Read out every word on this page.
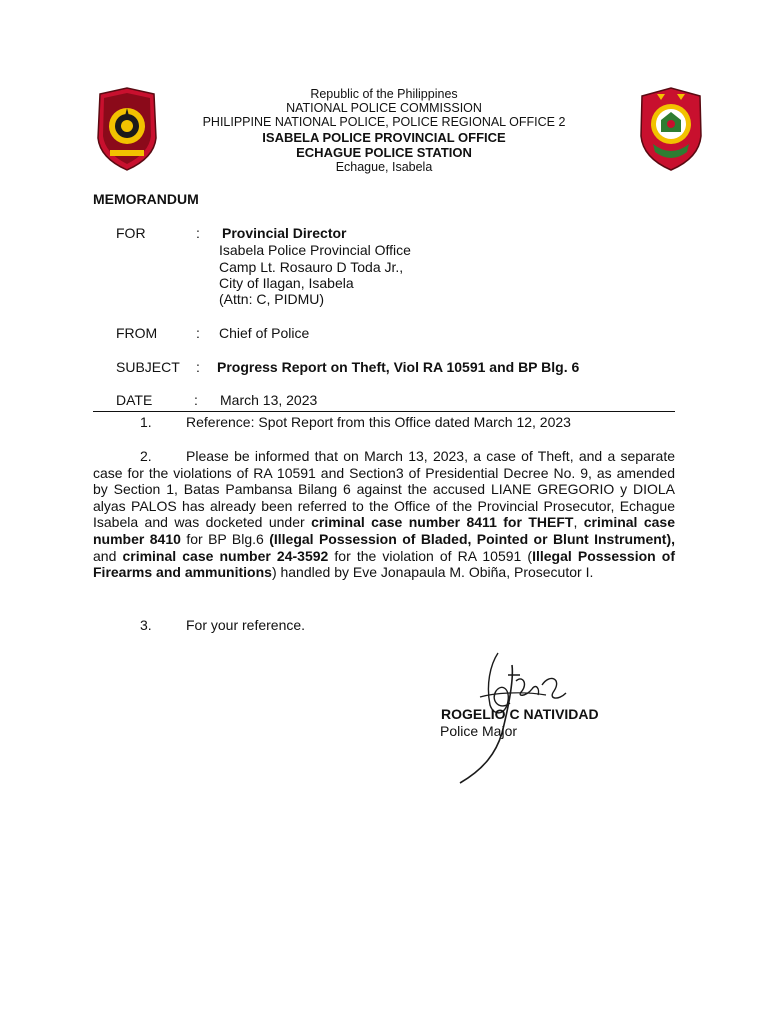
Republic of the Philippines
NATIONAL POLICE COMMISSION
PHILIPPINE NATIONAL POLICE, POLICE REGIONAL OFFICE 2
ISABELA POLICE PROVINCIAL OFFICE
ECHAGUE POLICE STATION
Echague, Isabela
MEMORANDUM
FOR	: Provincial Director
Isabela Police Provincial Office
Camp Lt. Rosauro D Toda Jr.,
City of Ilagan, Isabela
(Attn: C, PIDMU)
FROM	: Chief of Police
SUBJECT : Progress Report on Theft, Viol RA 10591 and BP Blg. 6
DATE	: March 13, 2023
1. Reference: Spot Report from this Office dated March 12, 2023
2.	Please be informed that on March 13, 2023, a case of Theft, and a separate case for the violations of RA 10591 and Section3 of Presidential Decree No. 9, as amended by Section 1, Batas Pambansa Bilang 6 against the accused LIANE GREGORIO y DIOLA alyas PALOS has already been referred to the Office of the Provincial Prosecutor, Echague Isabela and was docketed under criminal case number 8411 for THEFT, criminal case number 8410 for BP Blg.6 (Illegal Possession of Bladed, Pointed or Blunt Instrument), and criminal case number 24-3592 for the violation of RA 10591 (Illegal Possession of Firearms and ammunitions) handled by Eve Jonapaula M. Obiña, Prosecutor I.
3. For your reference.
ROGELIO C NATIVIDAD
Police Major
